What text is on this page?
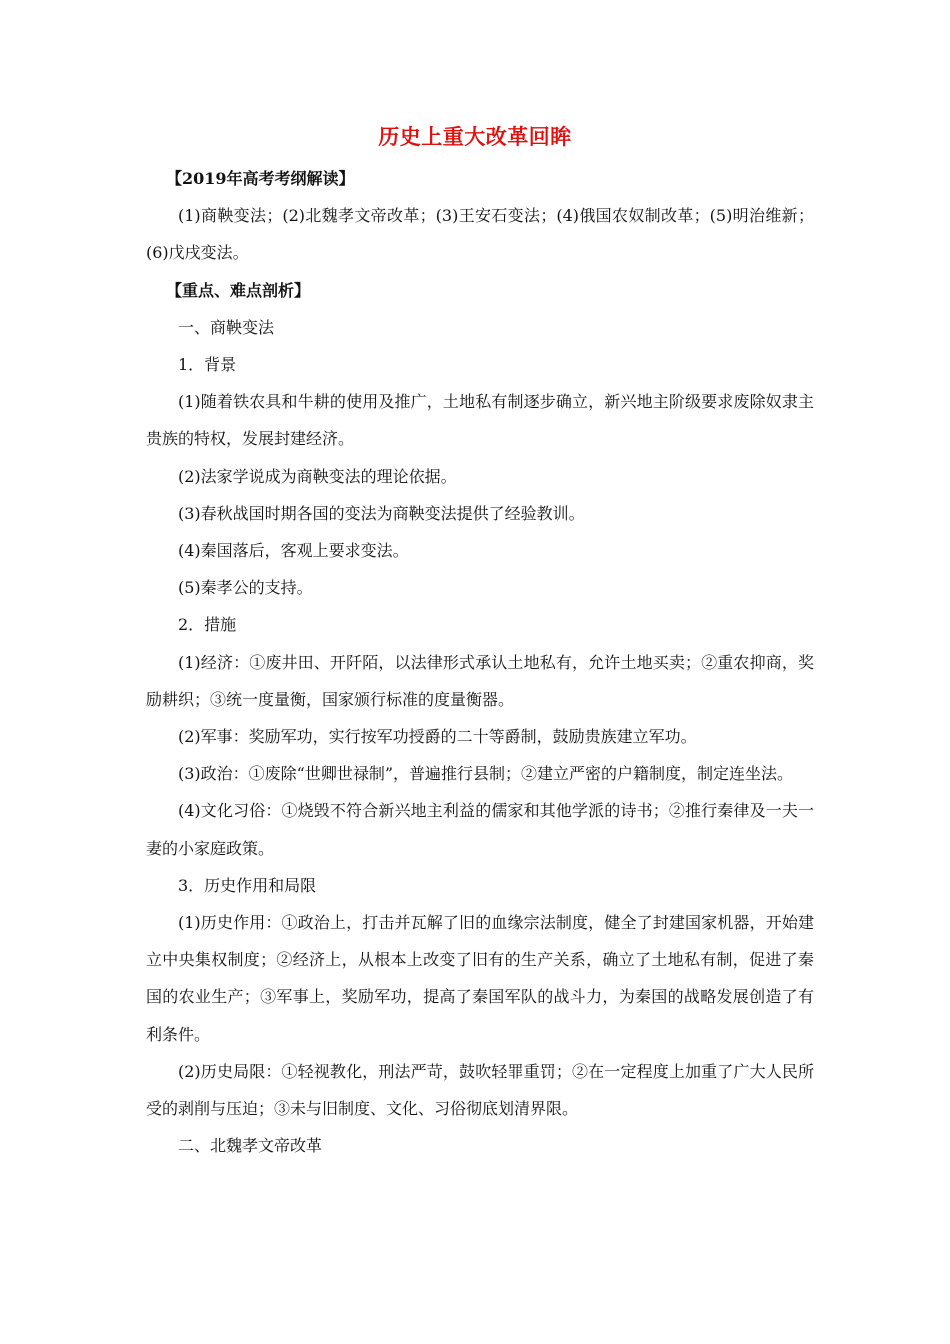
历史上重大改革回眸

【2019年高考考纲解读】

(1)商鞅变法；(2)北魏孝文帝改革；(3)王安石变法；(4)俄国农奴制改革；(5)明治维新；(6)戊戌变法。

【重点、难点剖析】

一、商鞅变法

1．背景

(1)随着铁农具和牛耕的使用及推广，土地私有制逐步确立，新兴地主阶级要求废除奴隶主贵族的特权，发展封建经济。

(2)法家学说成为商鞅变法的理论依据。

(3)春秋战国时期各国的变法为商鞅变法提供了经验教训。

(4)秦国落后，客观上要求变法。

(5)秦孝公的支持。

2．措施

(1)经济：①废井田、开阡陌，以法律形式承认土地私有，允许土地买卖；②重农抑商，奖励耕织；③统一度量衡，国家颁行标准的度量衡器。

(2)军事：奖励军功，实行按军功授爵的二十等爵制，鼓励贵族建立军功。

(3)政治：①废除“世卿世禄制”，普遍推行县制；②建立严密的户籍制度，制定连坐法。

(4)文化习俗：①烧毁不符合新兴地主利益的儒家和其他学派的诗书；②推行秦律及一夫一妻的小家庭政策。

3．历史作用和局限

(1)历史作用：①政治上，打击并瓦解了旧的血缘宗法制度，健全了封建国家机器，开始建立中央集权制度；②经济上，从根本上改变了旧有的生产关系，确立了土地私有制，促进了秦国的农业生产；③军事上，奖励军功，提高了秦国军队的战斗力，为秦国的战略发展创造了有利条件。

(2)历史局限：①轻视教化，刑法严苛，鼓吹轻罪重罚；②在一定程度上加重了广大人民所受的剥削与压迫；③未与旧制度、文化、习俗彻底划清界限。

二、北魏孝文帝改革
